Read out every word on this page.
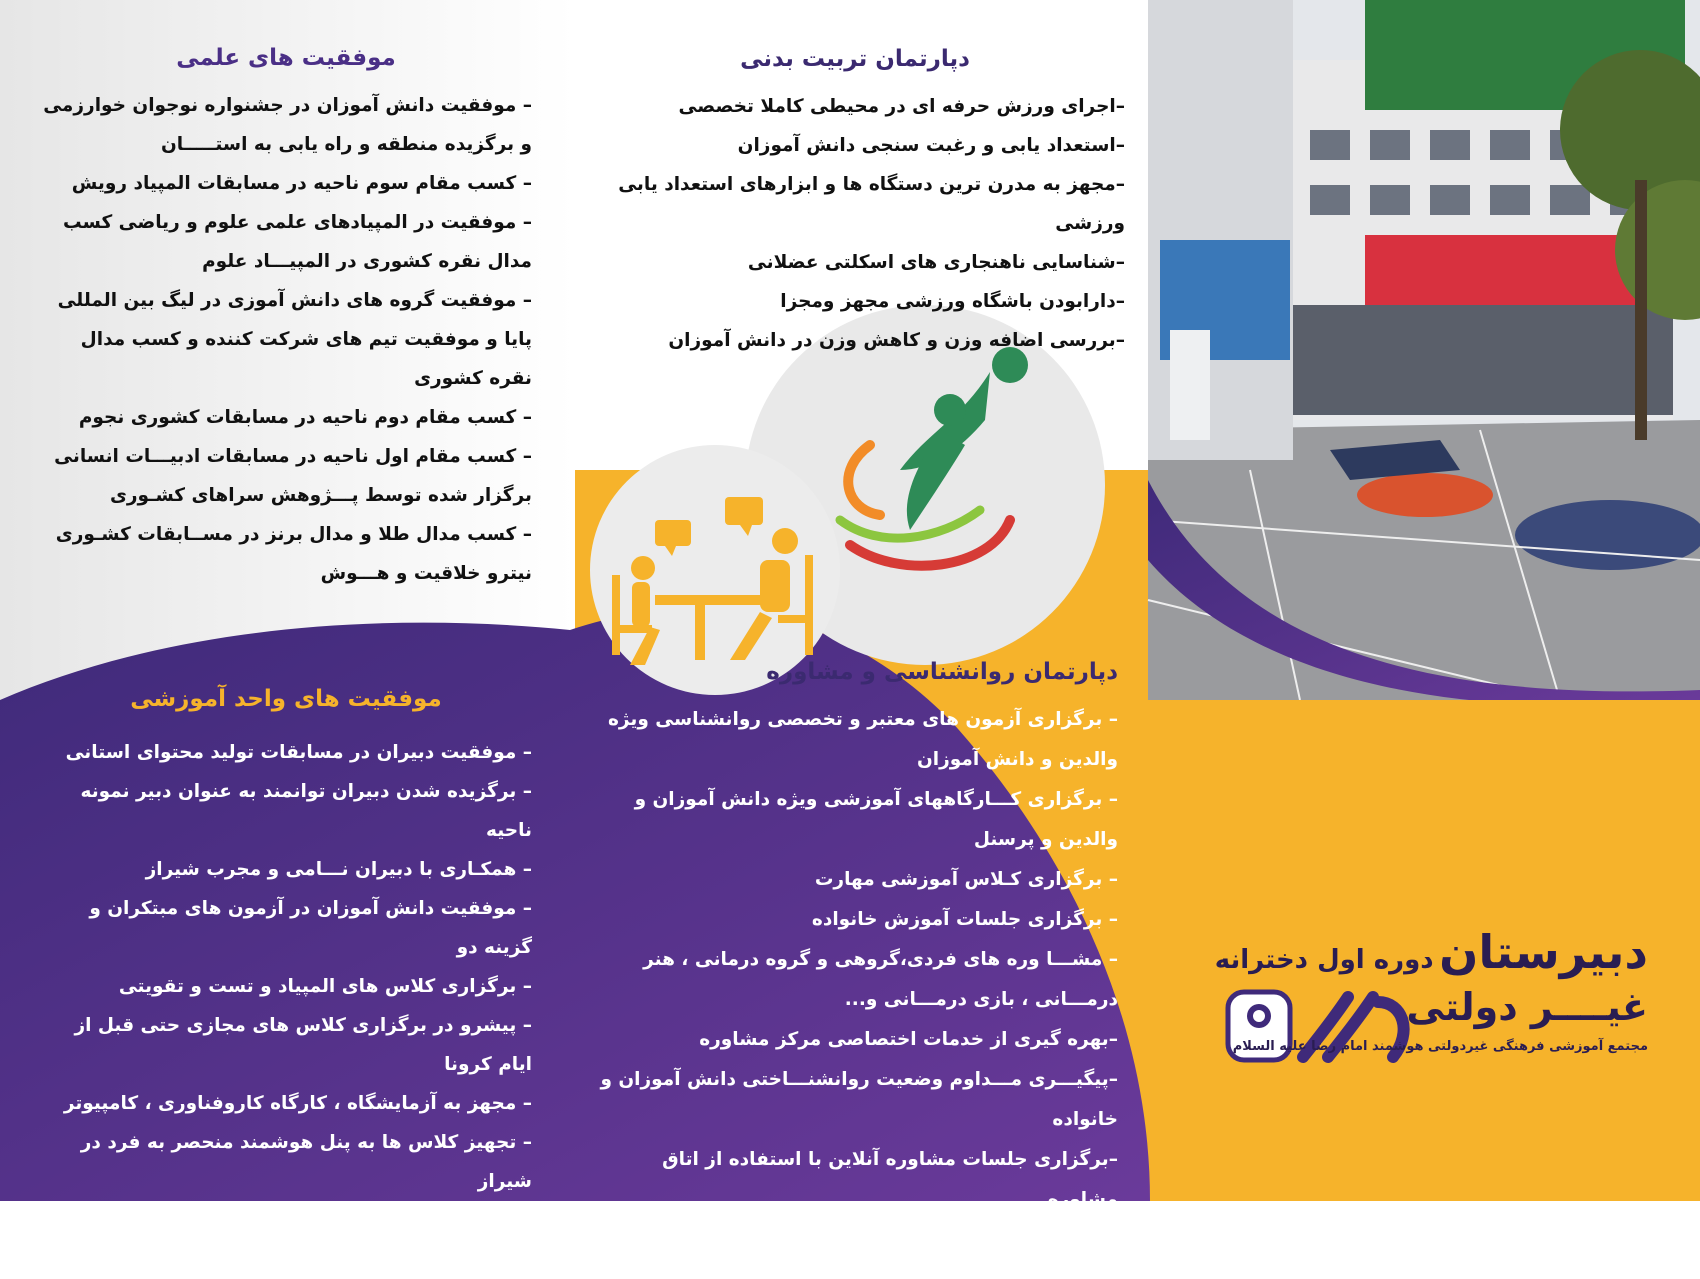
موفقیت های علمی
– موفقیت دانش آموزان در جشنواره نوجوان خوارزمی و برگزیده منطقه و راه یابی به استـــــان
– کسب مقام سوم ناحیه در مسابقات المپیاد رویش
– موفقیت در المپیادهای علمی علوم و ریاضی کسب مدال نقره کشوری در المپیـــاد علوم
– موفقیت گروه های دانش آموزی در لیگ بین المللی پایا و موفقیت تیم های شرکت کننده و کسب مدال نقره کشوری
– کسب مقام دوم ناحیه در مسابقات کشوری نجوم
– کسب مقام اول ناحیه در مسابقات ادبیـــات انسانی برگزار شده توسط پـــژوهش سراهای کشـوری
– کسب مدال طلا و مدال برنز در مســابقات کشـوری نیترو خلاقیت و هـــوش
دپارتمان تربیت بدنی
–اجرای ورزش حرفه ای در محیطی کاملا تخصصی
–استعداد یابی و رغبت سنجی دانش آموزان
–مجهز به مدرن ترین دستگاه ها و ابزارهای استعداد یابی ورزشی
–شناسایی ناهنجاری های اسکلتی عضلانی
–دارابودن باشگاه ورزشی مجهز ومجزا
–بررسی اضافه وزن و کاهش وزن در دانش آموزان
دپارتمان روانشناسی و مشاوره
– برگزاری آزمون های معتبر و تخصصی روانشناسی ویژه والدین و دانش آموزان
– برگزاری کـــارگاههای آموزشی ویژه دانش آموزان و والدین و پرسنل
– برگزاری کـلاس آموزشی مهارت
– برگزاری جلسات آموزش خانواده
– مشـــا وره های فردی،گروهی و گروه درمانی ، هنر درمـــانی ، بازی درمـــانی و...
–بهره گیری از خدمات اختصاصی مرکز مشاوره
–پیگیـــری مـــداوم وضعیت روانشنـــاختی دانش آموزان و خانواده
–برگزاری جلسات مشاوره آنلاین با استفاده از اتاق مشاوره
موفقیت های واحد آموزشی
– موفقیت دبیران در مسابقات تولید محتوای استانی
– برگزیده شدن دبیران توانمند به عنوان دبیر نمونه ناحیه
– همکـاری با دبیران نـــامی و مجرب شیراز
– موفقیت دانش آموزان در آزمون های مبتکران و گزینه دو
– برگزاری کلاس های المپیاد و تست و تقویتی
– پیشرو در برگزاری کلاس های مجازی حتی قبل از ایام کرونا
– مجهز به آزمایشگاه ، کارگاه کاروفناوری ، کامپیوتر
– تجهیز کلاس ها به پنل هوشمند منحصر به فرد در شیراز
– استفاده ازامکانات آموزشی پیشرفته در تمام دروس
– برگزاری کلاس های آموزشی تولید محتوا
دبیرستان دوره اول دخترانه
غیــــر دولتی
مجتمع آموزشی فرهنگی غیردولتی هوشمند امام رضا علیه السلام
